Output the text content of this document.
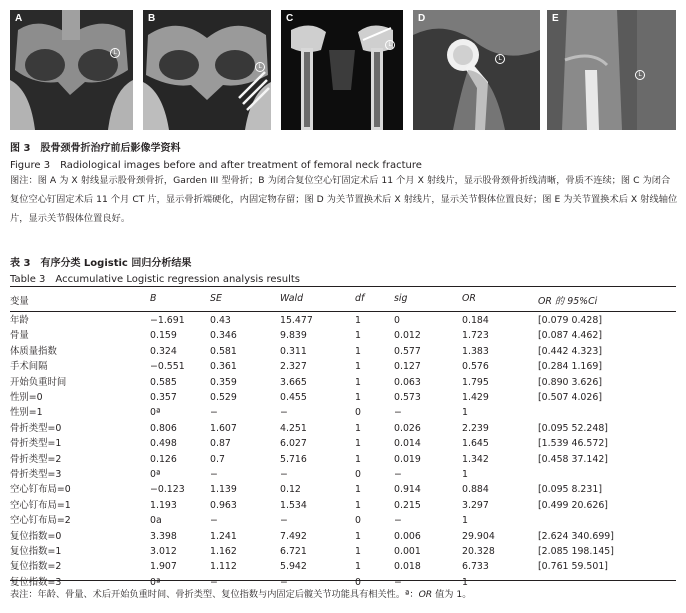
A
L
B
L
C
L
D
L
E
L
图 3　股骨颈骨折治疗前后影像学资料
Figure 3　Radiological images before and after treatment of femoral neck fracture
图注：图 A 为 X 射线显示股骨颈骨折，Garden III 型骨折；B 为闭合复位空心钉固定术后 11 个月 X 射线片，显示股骨颈骨折线清晰，骨质不连续；图 C 为闭合复位空心钉固定术后 11 个月 CT 片，显示骨折端硬化，内固定物存留；图 D 为关节置换术后 X 射线片，显示关节假体位置良好；图 E 为关节置换术后 X 射线轴位片，显示关节假体位置良好。
表 3　有序分类 Logistic 回归分析结果
Table 3　Accumulative Logistic regression analysis results
变量	B	SE	Wald	df	sig	OR	OR 的 95%Ci
年龄	−1.691	0.43	15.477	1	0	0.184	[0.079 0.428]
骨量	0.159	0.346	9.839	1	0.012	1.723	[0.087 4.462]
体质量指数	0.324	0.581	0.311	1	0.577	1.383	[0.442 4.323]
手术间隔	−0.551	0.361	2.327	1	0.127	0.576	[0.284 1.169]
开始负重时间	0.585	0.359	3.665	1	0.063	1.795	[0.890 3.626]
性别=0	0.357	0.529	0.455	1	0.573	1.429	[0.507 4.026]
性别=1	0ª	−	−	0	−	1
骨折类型=0	0.806	1.607	4.251	1	0.026	2.239	[0.095 52.248]
骨折类型=1	0.498	0.87	6.027	1	0.014	1.645	[1.539 46.572]
骨折类型=2	0.126	0.7	5.716	1	0.019	1.342	[0.458 37.142]
骨折类型=3	0ª	−	−	0	−	1
空心钉布局=0	−0.123	1.139	0.12	1	0.914	0.884	[0.095 8.231]
空心钉布局=1	1.193	0.963	1.534	1	0.215	3.297	[0.499 20.626]
空心钉布局=2	0a	−	−	0	−	1
复位指数=0	3.398	1.241	7.492	1	0.006	29.904	[2.624 340.699]
复位指数=1	3.012	1.162	6.721	1	0.001	20.328	[2.085 198.145]
复位指数=2	1.907	1.112	5.942	1	0.018	6.733	[0.761 59.501]
复位指数=3	0ª	−	−	0	−	1
表注：年龄、骨量、术后开始负重时间、骨折类型、复位指数与内固定后髋关节功能具有相关性。ª：OR 值为 1。
